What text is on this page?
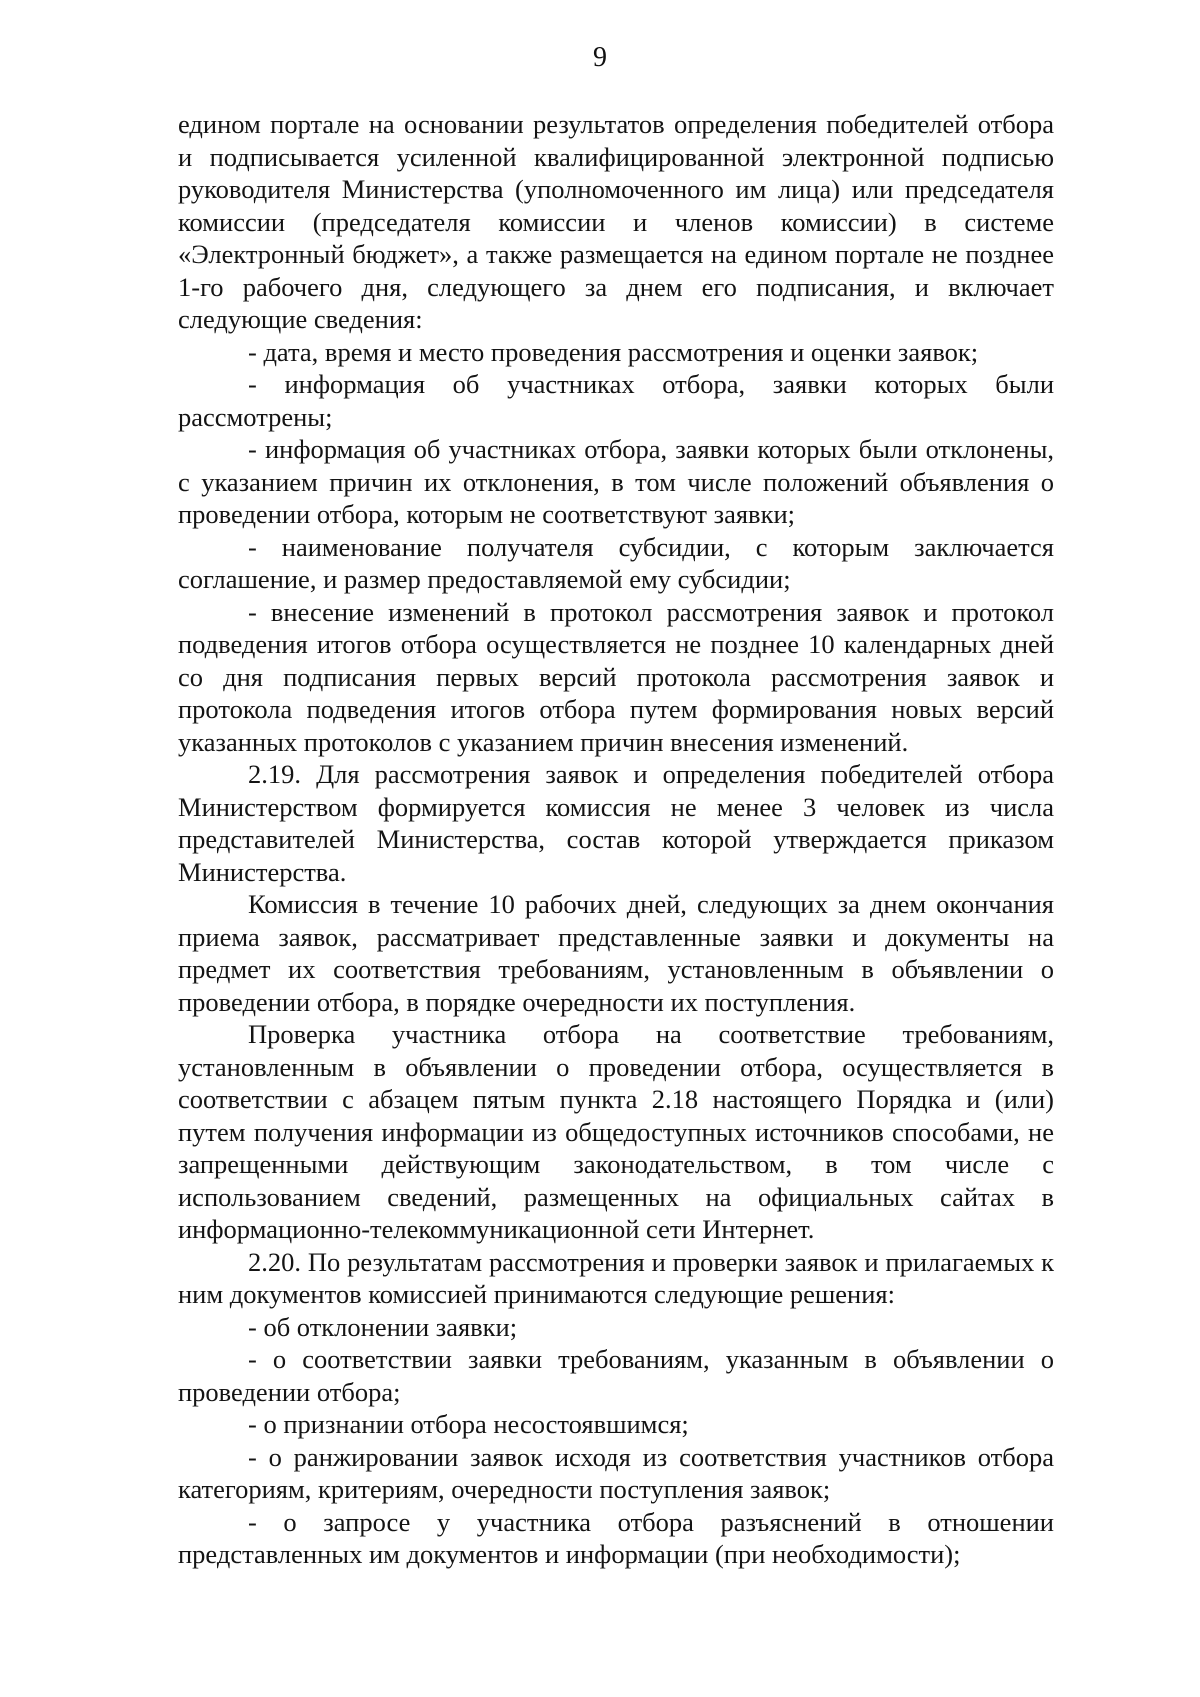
9

едином портале на основании результатов определения победителей отбора и подписывается усиленной квалифицированной электронной подписью руководителя Министерства (уполномоченного им лица) или председателя комиссии (председателя комиссии и членов комиссии) в системе «Электронный бюджет», а также размещается на едином портале не позднее 1-го рабочего дня, следующего за днем его подписания, и включает следующие сведения:

- дата, время и место проведения рассмотрения и оценки заявок;

- информация об участниках отбора, заявки которых были рассмотрены;

- информация об участниках отбора, заявки которых были отклонены, с указанием причин их отклонения, в том числе положений объявления о проведении отбора, которым не соответствуют заявки;

- наименование получателя субсидии, с которым заключается соглашение, и размер предоставляемой ему субсидии;

- внесение изменений в протокол рассмотрения заявок и протокол подведения итогов отбора осуществляется не позднее 10 календарных дней со дня подписания первых версий протокола рассмотрения заявок и протокола подведения итогов отбора путем формирования новых версий указанных протоколов с указанием причин внесения изменений.

2.19. Для рассмотрения заявок и определения победителей отбора Министерством формируется комиссия не менее 3 человек из числа представителей Министерства, состав которой утверждается приказом Министерства.

Комиссия в течение 10 рабочих дней, следующих за днем окончания приема заявок, рассматривает представленные заявки и документы на предмет их соответствия требованиям, установленным в объявлении о проведении отбора, в порядке очередности их поступления.

Проверка участника отбора на соответствие требованиям, установленным в объявлении о проведении отбора, осуществляется в соответствии с абзацем пятым пункта 2.18 настоящего Порядка и (или) путем получения информации из общедоступных источников способами, не запрещенными действующим законодательством, в том числе с использованием сведений, размещенных на официальных сайтах в информационно-телекоммуникационной сети Интернет.

2.20. По результатам рассмотрения и проверки заявок и прилагаемых к ним документов комиссией принимаются следующие решения:

- об отклонении заявки;

- о соответствии заявки требованиям, указанным в объявлении о проведении отбора;

- о признании отбора несостоявшимся;

- о ранжировании заявок исходя из соответствия участников отбора категориям, критериям, очередности поступления заявок;

- о запросе у участника отбора разъяснений в отношении представленных им документов и информации (при необходимости);
